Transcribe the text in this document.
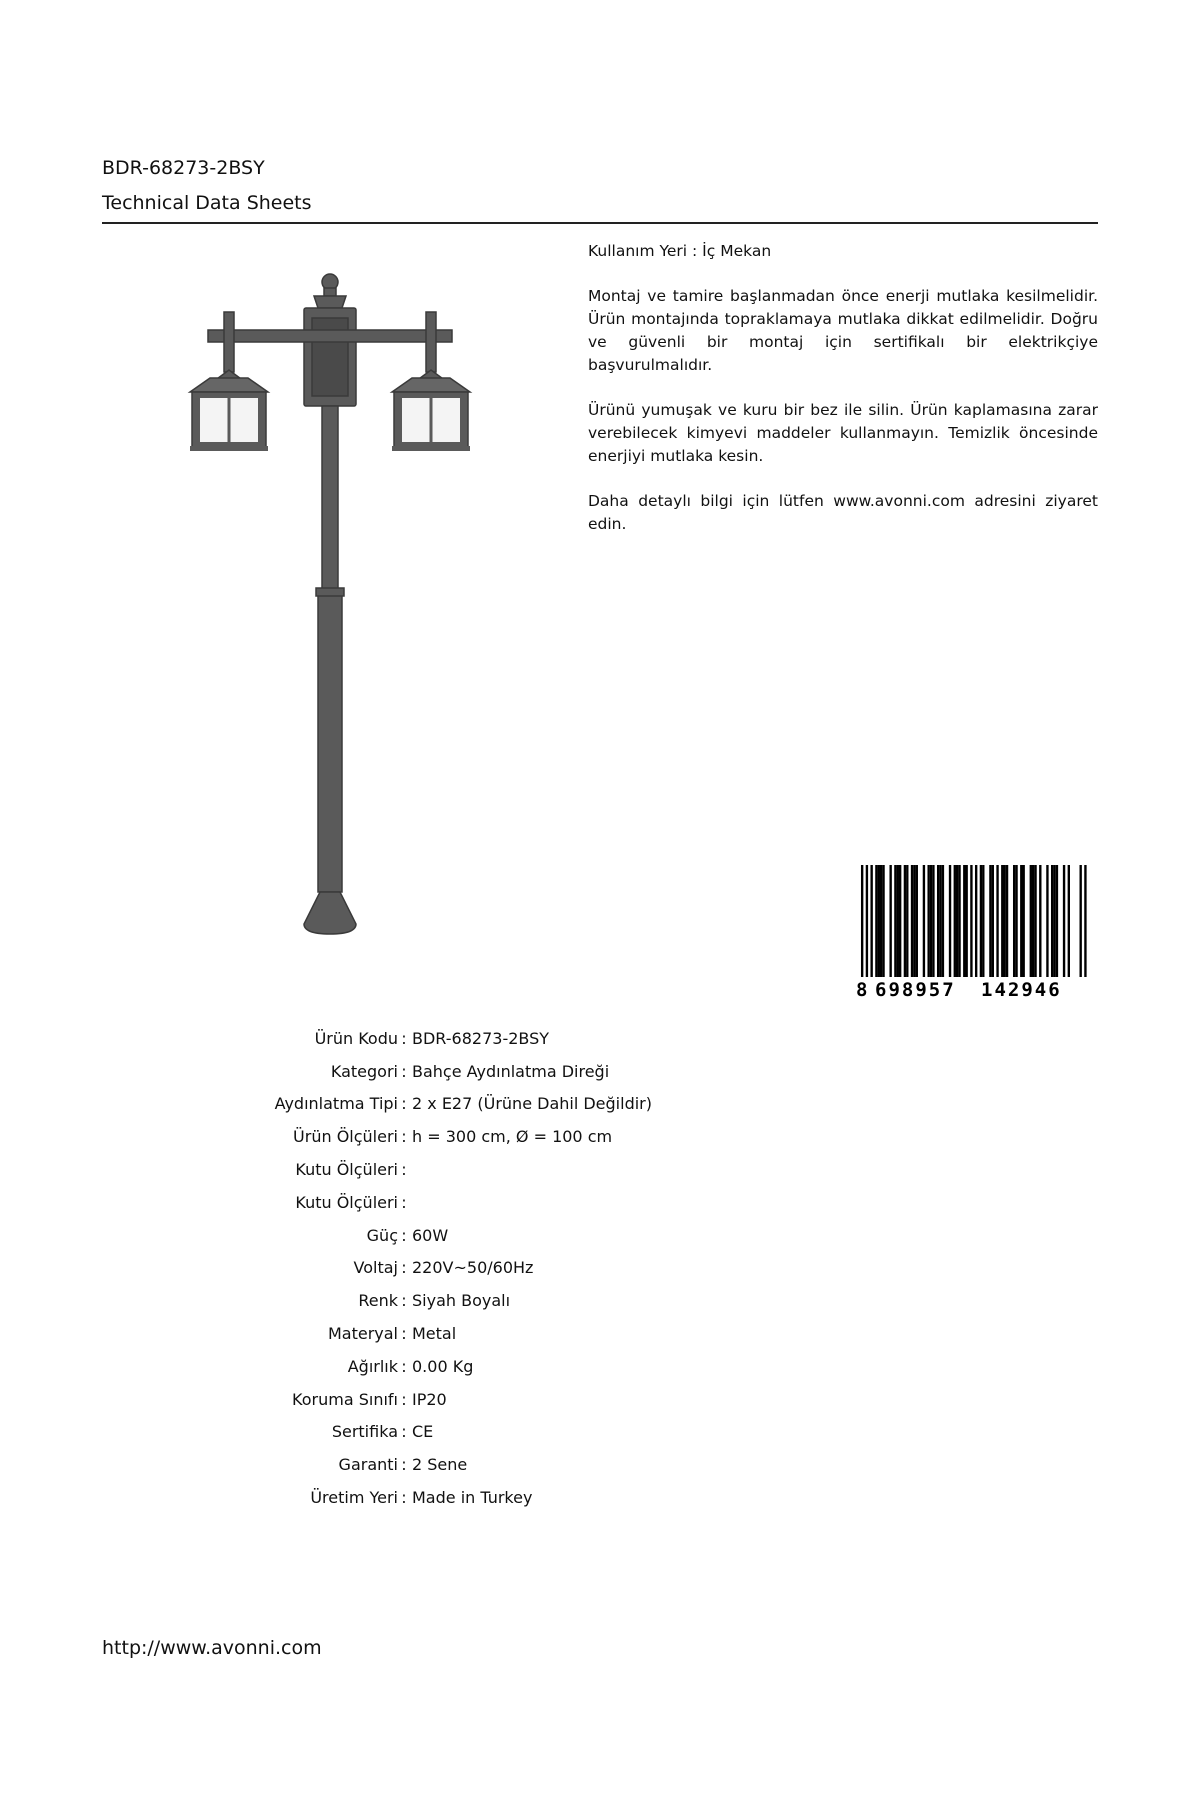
BDR-68273-2BSY
Technical Data Sheets

Kullanım Yeri : İç Mekan

Montaj ve tamire başlanmadan önce enerji mutlaka kesilmelidir. Ürün montajında topraklamaya mutlaka dikkat edilmelidir. Doğru ve güvenli bir montaj için sertifikalı bir elektrikçiye başvurulmalıdır.

Ürünü yumuşak ve kuru bir bez ile silin. Ürün kaplamasına zarar verebilecek kimyevi maddeler kullanmayın. Temizlik öncesinde enerjiyi mutlaka kesin.

Daha detaylı bilgi için lütfen www.avonni.com adresini ziyaret edin.

8 698957 142946
Ürün Kodu : BDR-68273-2BSY
Kategori : Bahçe Aydınlatma Direği
Aydınlatma Tipi : 2 x E27 (Ürüne Dahil Değildir)
Ürün Ölçüleri : h = 300 cm, Ø = 100 cm
Kutu Ölçüleri :
Kutu Ölçüleri :
Güç : 60W
Voltaj : 220V~50/60Hz
Renk : Siyah Boyalı
Materyal : Metal
Ağırlık : 0.00 Kg
Koruma Sınıfı : IP20
Sertifika : CE
Garanti : 2 Sene
Üretim Yeri : Made in Turkey
http://www.avonni.com
